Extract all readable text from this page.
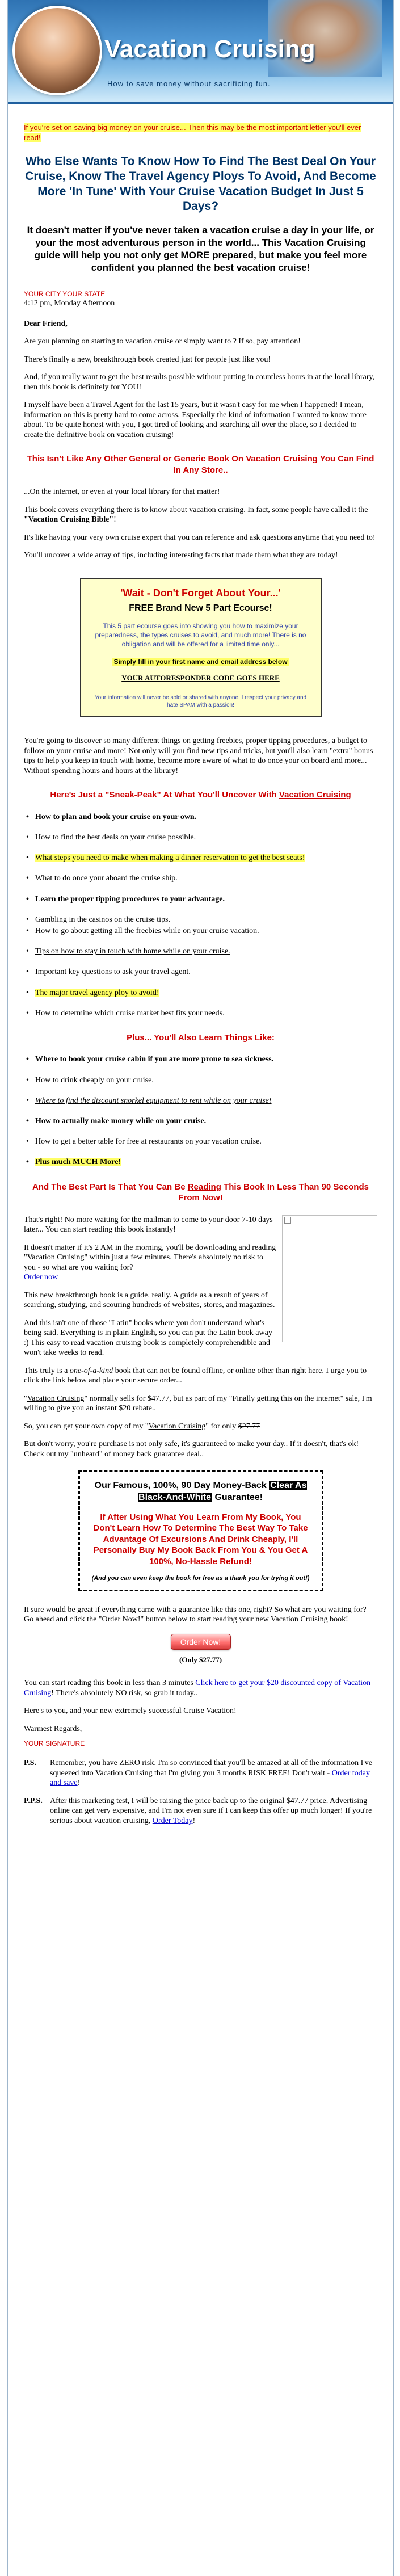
Vacation Cruising
How to save money without sacrificing fun.

If you're set on saving big money on your cruise... Then this may be the most important letter you'll ever read!

Who Else Wants To Know How To Find The Best Deal On Your Cruise, Know The Travel Agency Ploys To Avoid, And Become More 'In Tune' With Your Cruise Vacation Budget In Just 5 Days?
It doesn't matter if you've never taken a vacation cruise a day in your life, or your the most adventurous person in the world... This Vacation Cruising guide will help you not only get MORE prepared, but make you feel more confident you planned the best vacation cruise!

YOUR CITY YOUR STATE

4:12 pm, Monday Afternoon

Dear Friend,

Are you planning on starting to vacation cruise or simply want to ? If so, pay attention!

There's finally a new, breakthrough book created just for people just like you!

And, if you really want to get the best results possible without putting in countless hours in at the local library, then this book is definitely for YOU!

I myself have been a Travel Agent for the last 15 years, but it wasn't easy for me when I happened! I mean, information on this is pretty hard to come across. Especially the kind of information I wanted to know more about. To be quite honest with you, I got tired of looking and searching all over the place, so I decided to create the definitive book on vacation cruising!

This Isn't Like Any Other General or Generic Book On Vacation Cruising You Can Find In Any Store..

...On the internet, or even at your local library for that matter!

This book covers everything there is to know about vacation cruising. In fact, some people have called it the "Vacation Cruising Bible"!

It's like having your very own cruise expert that you can reference and ask questions anytime that you need to!

You'll uncover a wide array of tips, including interesting facts that made them what they are today!

'Wait - Don't Forget About Your...'

FREE Brand New 5 Part Ecourse!

This 5 part ecourse goes into showing you how to maximize your preparedness, the types cruises to avoid, and much more! There is no obligation and will be offered for a limited time only...

Simply fill in your first name and email address below

YOUR AUTORESPONDER CODE GOES HERE

Your information will never be sold or shared with anyone. I respect your privacy and hate SPAM with a passion!

You're going to discover so many different things on getting freebies, proper tipping procedures, a budget to follow on your cruise and more! Not only will you find new tips and tricks, but you'll also learn "extra" bonus tips to help you keep in touch with home, become more aware of what to do once your on board and more... Without spending hours and hours at the library!

Here's Just a "Sneak-Peak" At What You'll Uncover With Vacation Cruising
• How to plan and book your cruise on your own.
• How to find the best deals on your cruise possible.
• What steps you need to make when making a dinner reservation to get the best seats!
• What to do once your aboard the cruise ship.
• Learn the proper tipping procedures to your advantage.
• Gambling in the casinos on the cruise tips.
• How to go about getting all the freebies while on your cruise vacation.
• Tips on how to stay in touch with home while on your cruise.
• Important key questions to ask your travel agent.
• The major travel agency ploy to avoid!
• How to determine which cruise market best fits your needs.
Plus... You'll Also Learn Things Like:
• Where to book your cruise cabin if you are more prone to sea sickness.
• How to drink cheaply on your cruise.
• Where to find the discount snorkel equipment to rent while on your cruise!
• How to actually make money while on your cruise.
• How to get a better table for free at restaurants on your vacation cruise.
• Plus much MUCH More!
And The Best Part Is That You Can Be Reading This Book In Less Than 90 Seconds From Now!

That's right! No more waiting for the mailman to come to your door 7-10 days later... You can start reading this book instantly!

It doesn't matter if it's 2 AM in the morning, you'll be downloading and reading "Vacation Cruising" within just a few minutes. There's absolutely no risk to you - so what are you waiting for?
Order now

This new breakthrough book is a guide, really. A guide as a result of years of searching, studying, and scouring hundreds of websites, stores, and magazines.

And this isn't one of those "Latin" books where you don't understand what's being said. Everything is in plain English, so you can put the Latin book away :) This easy to read vacation cruising book is completely comprehendible and won't take weeks to read.

This truly is a one-of-a-kind book that can not be found offline, or online other than right here. I urge you to click the link below and place your secure order...

"Vacation Cruising" normally sells for $47.77, but as part of my "Finally getting this on the internet" sale, I'm willing to give you an instant $20 rebate..

So, you can get your own copy of my "Vacation Cruising" for only $27.77

But don't worry, you're purchase is not only safe, it's guaranteed to make your day.. If it doesn't, that's ok! Check out my "unheard" of money back guarantee deal..

Our Famous, 100%, 90 Day Money-Back Clear As Black-And-White Guarantee!

If After Using What You Learn From My Book, You Don't Learn How To Determine The Best Way To Take Advantage Of Excursions And Drink Cheaply, I'll Personally Buy My Book Back From You & You Get A 100%, No-Hassle Refund!

(And you can even keep the book for free as a thank you for trying it out!)

It sure would be great if everything came with a guarantee like this one, right? So what are you waiting for? Go ahead and click the "Order Now!" button below to start reading your new Vacation Cruising book!

Order Now!

(Only $27.77)

You can start reading this book in less than 3 minutes Click here to get your $20 discounted copy of Vacation Cruising! There's absolutely NO risk, so grab it today..

Here's to you, and your new extremely successful Cruise Vacation!

Warmest Regards,

YOUR SIGNATURE

P.S.	Remember, you have ZERO risk. I'm so convinced that you'll be amazed at all of the information I've squeezed into Vacation Cruising that I'm giving you 3 months RISK FREE! Don't wait - Order today and save!
P.P.S. After this marketing test, I will be raising the price back up to the original $47.77 price. Advertising online can get very expensive, and I'm not even sure if I can keep this offer up much longer! If you're serious about vacation cruising, Order Today!
